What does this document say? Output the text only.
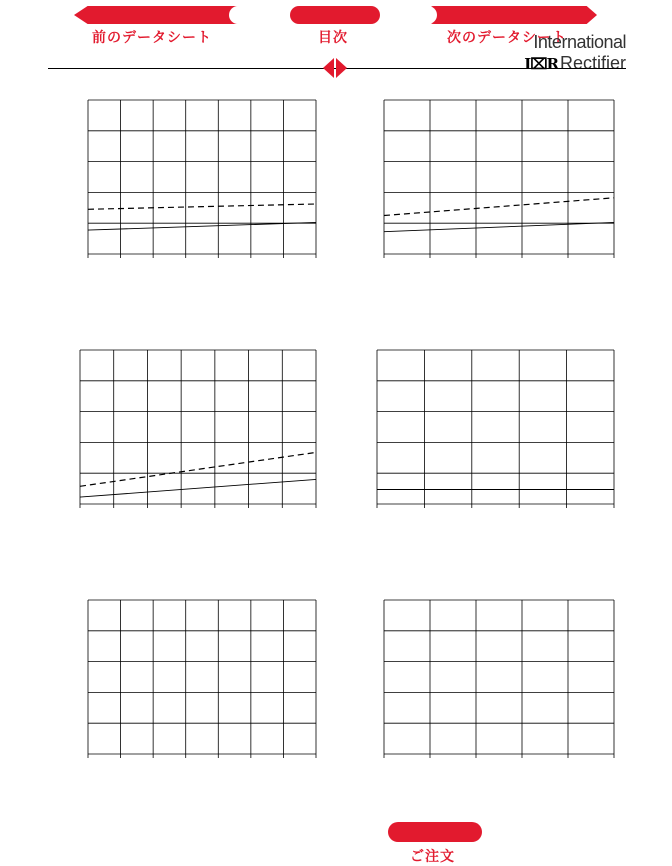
前のデータシート	目次	次のデータシート
International
I⌧R Rectifier
ご注文
